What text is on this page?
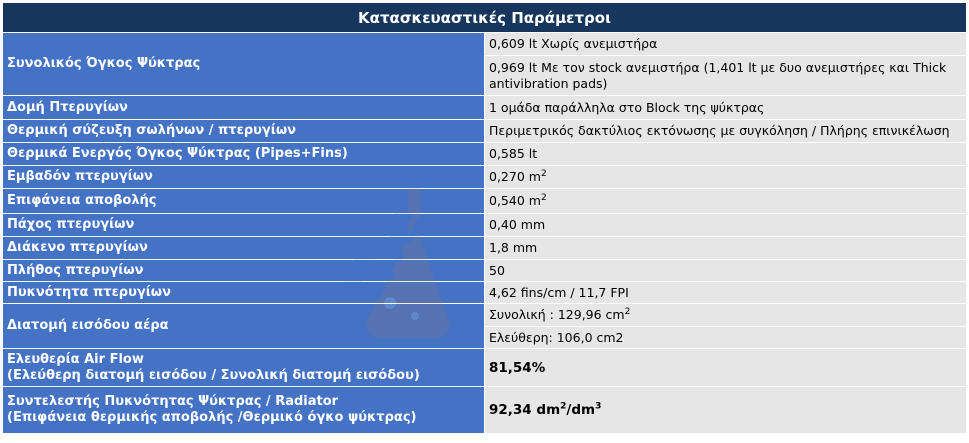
Κατασκευαστικές Παράμετροι	
Συνολικός Όγκος Ψύκτρας	0,609 lt Χωρίς ανεμιστήρα
	0,969 lt Με τον stock ανεμιστήρα (1,401 lt με δυο ανεμιστήρες και Thick antivibration pads)
Δομή Πτερυγίων	1 ομάδα παράλληλα στο Block της ψύκτρας
Θερμική σύζευξη σωλήνων / πτερυγίων	Περιμετρικός δακτύλιος εκτόνωσης με συγκόληση / Πλήρης επινικέλωση
Θερμικά Ενεργός Όγκος Ψύκτρας (Pipes+Fins)	0,585 lt
Εμβαδόν πτερυγίων	0,270 $m^2$
Επιφάνεια αποβολής	0,540 $m^2$
Πάχος πτερυγίων	0,40 mm
Διάκενο πτερυγίων	1,8 mm
Πλήθος πτερυγίων	50
Πυκνότητα πτερυγίων	4,62 fins/cm / 11,7 FPI
Διατομή εισόδου αέρα	Συνολική : 129,96 $cm^2$
	Ελεύθερη: 106,0 cm2

Ελευθερία Air Flow
(Ελεύθερη διατομή εισόδου / Συνολική διατομή εισόδου)	81,54%

Συντελεστής Πυκνότητας Ψύκτρας / Radiator
(Επιφάνεια θερμικής αποβολής /Θερμικό όγκο ψύκτρας)	92,34 $dm^2/dm^3$
